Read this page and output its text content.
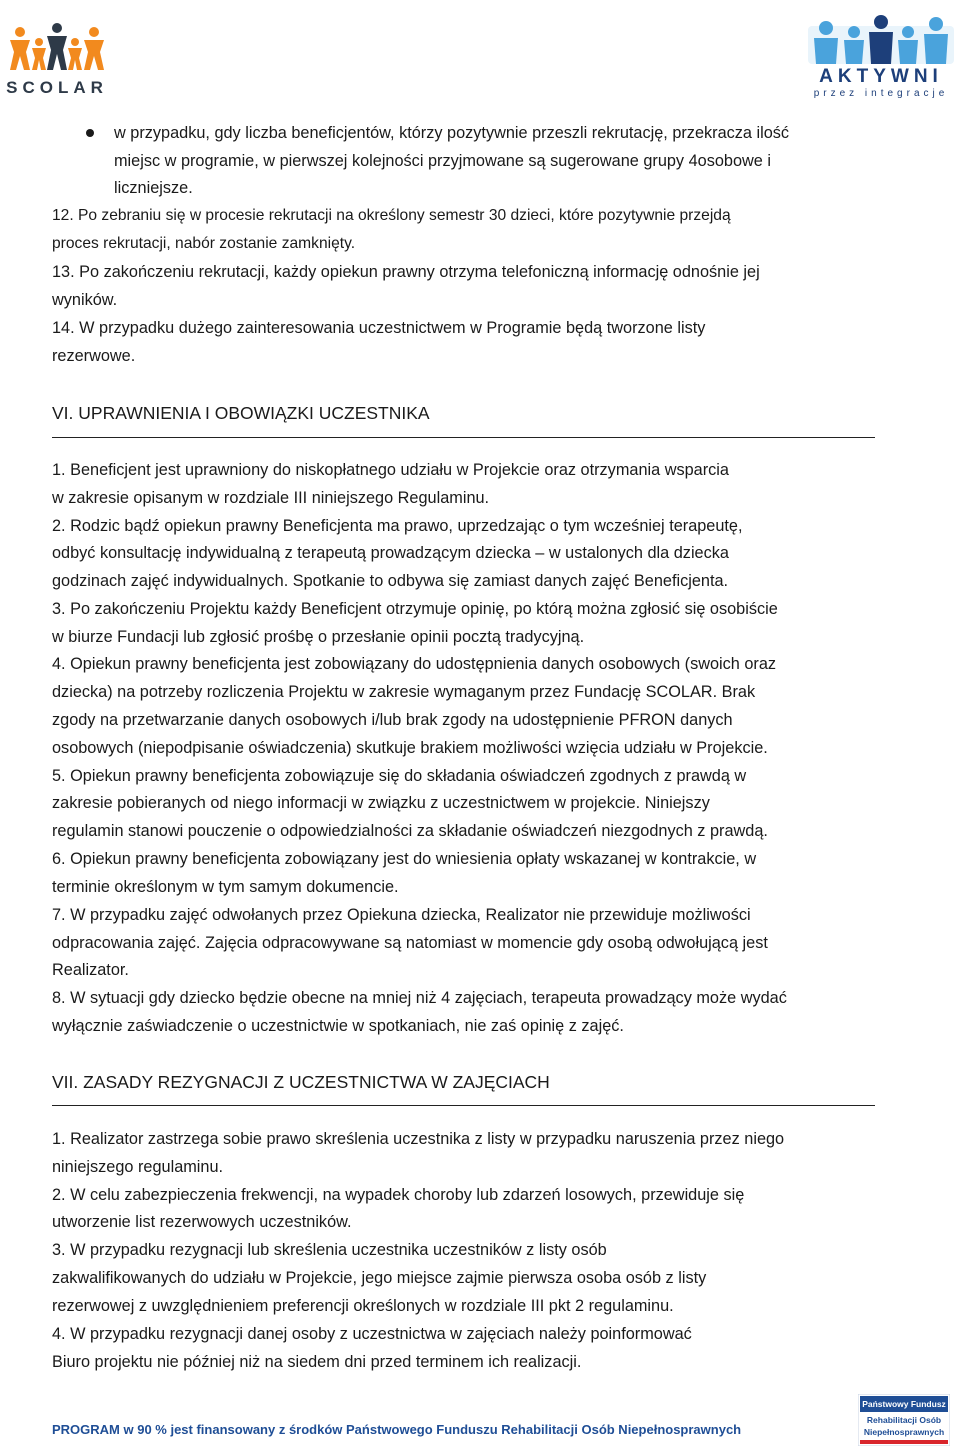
SCOLAR
AKTYWNI
przez integracje
w przypadku, gdy liczba beneficjentów, którzy pozytywnie przeszli rekrutację, przekracza ilość
miejsc w programie, w pierwszej kolejności przyjmowane są sugerowane grupy 4osobowe i
liczniejsze.
12. Po zebraniu się w procesie rekrutacji na określony semestr 30 dzieci, które pozytywnie przejdą
proces rekrutacji, nabór zostanie zamknięty.
13. Po zakończeniu rekrutacji, każdy opiekun prawny otrzyma telefoniczną informację odnośnie jej
wyników.
14. W przypadku dużego zainteresowania uczestnictwem w Programie będą tworzone listy
rezerwowe.
VI. UPRAWNIENIA I OBOWIĄZKI UCZESTNIKA
1. Beneficjent jest uprawniony do niskopłatnego udziału w Projekcie oraz otrzymania wsparcia
w zakresie opisanym w rozdziale III niniejszego Regulaminu.
2. Rodzic bądź opiekun prawny Beneficjenta ma prawo, uprzedzając o tym wcześniej terapeutę,
odbyć konsultację indywidualną z terapeutą prowadzącym dziecka – w ustalonych dla dziecka
godzinach zajęć indywidualnych. Spotkanie to odbywa się zamiast danych zajęć Beneficjenta.
3. Po zakończeniu Projektu każdy Beneficjent otrzymuje opinię, po którą można zgłosić się osobiście
w biurze Fundacji lub zgłosić prośbę o przesłanie opinii pocztą tradycyjną.
4. Opiekun prawny beneficjenta jest zobowiązany do udostępnienia danych osobowych (swoich oraz
dziecka) na potrzeby rozliczenia Projektu w zakresie wymaganym przez Fundację SCOLAR. Brak
zgody na przetwarzanie danych osobowych i/lub brak zgody na udostępnienie PFRON danych
osobowych (niepodpisanie oświadczenia) skutkuje brakiem możliwości wzięcia udziału w Projekcie.
5. Opiekun prawny beneficjenta zobowiązuje się do składania oświadczeń zgodnych z prawdą w
zakresie pobieranych od niego informacji w związku z uczestnictwem w projekcie. Niniejszy
regulamin stanowi pouczenie o odpowiedzialności za składanie oświadczeń niezgodnych z prawdą.
6. Opiekun prawny beneficjenta zobowiązany jest do wniesienia opłaty wskazanej w kontrakcie, w
terminie określonym w tym samym dokumencie.
7. W przypadku zajęć odwołanych przez Opiekuna dziecka, Realizator nie przewiduje możliwości
odpracowania zajęć. Zajęcia odpracowywane są natomiast w momencie gdy osobą odwołującą jest
Realizator.
8. W sytuacji gdy dziecko będzie obecne na mniej niż 4 zajęciach, terapeuta prowadzący może wydać
wyłącznie zaświadczenie o uczestnictwie w spotkaniach, nie zaś opinię z zajęć.
VII. ZASADY REZYGNACJI Z UCZESTNICTWA W ZAJĘCIACH
1. Realizator zastrzega sobie prawo skreślenia uczestnika z listy w przypadku naruszenia przez niego
niniejszego regulaminu.
2. W celu zabezpieczenia frekwencji, na wypadek choroby lub zdarzeń losowych, przewiduje się
utworzenie list rezerwowych uczestników.
3. W przypadku rezygnacji lub skreślenia uczestnika uczestników z listy osób
zakwalifikowanych do udziału w Projekcie, jego miejsce zajmie pierwsza osoba osób z listy
rezerwowej z uwzględnieniem preferencji określonych w rozdziale III pkt 2 regulaminu.
4. W przypadku rezygnacji danej osoby z uczestnictwa w zajęciach należy poinformować
Biuro projektu nie później niż na siedem dni przed terminem ich realizacji.
PROGRAM w 90 % jest finansowany z środków Państwowego Funduszu Rehabilitacji Osób Niepełnosprawnych
Państwowy Fundusz
Rehabilitacji Osób
Niepełnosprawnych
